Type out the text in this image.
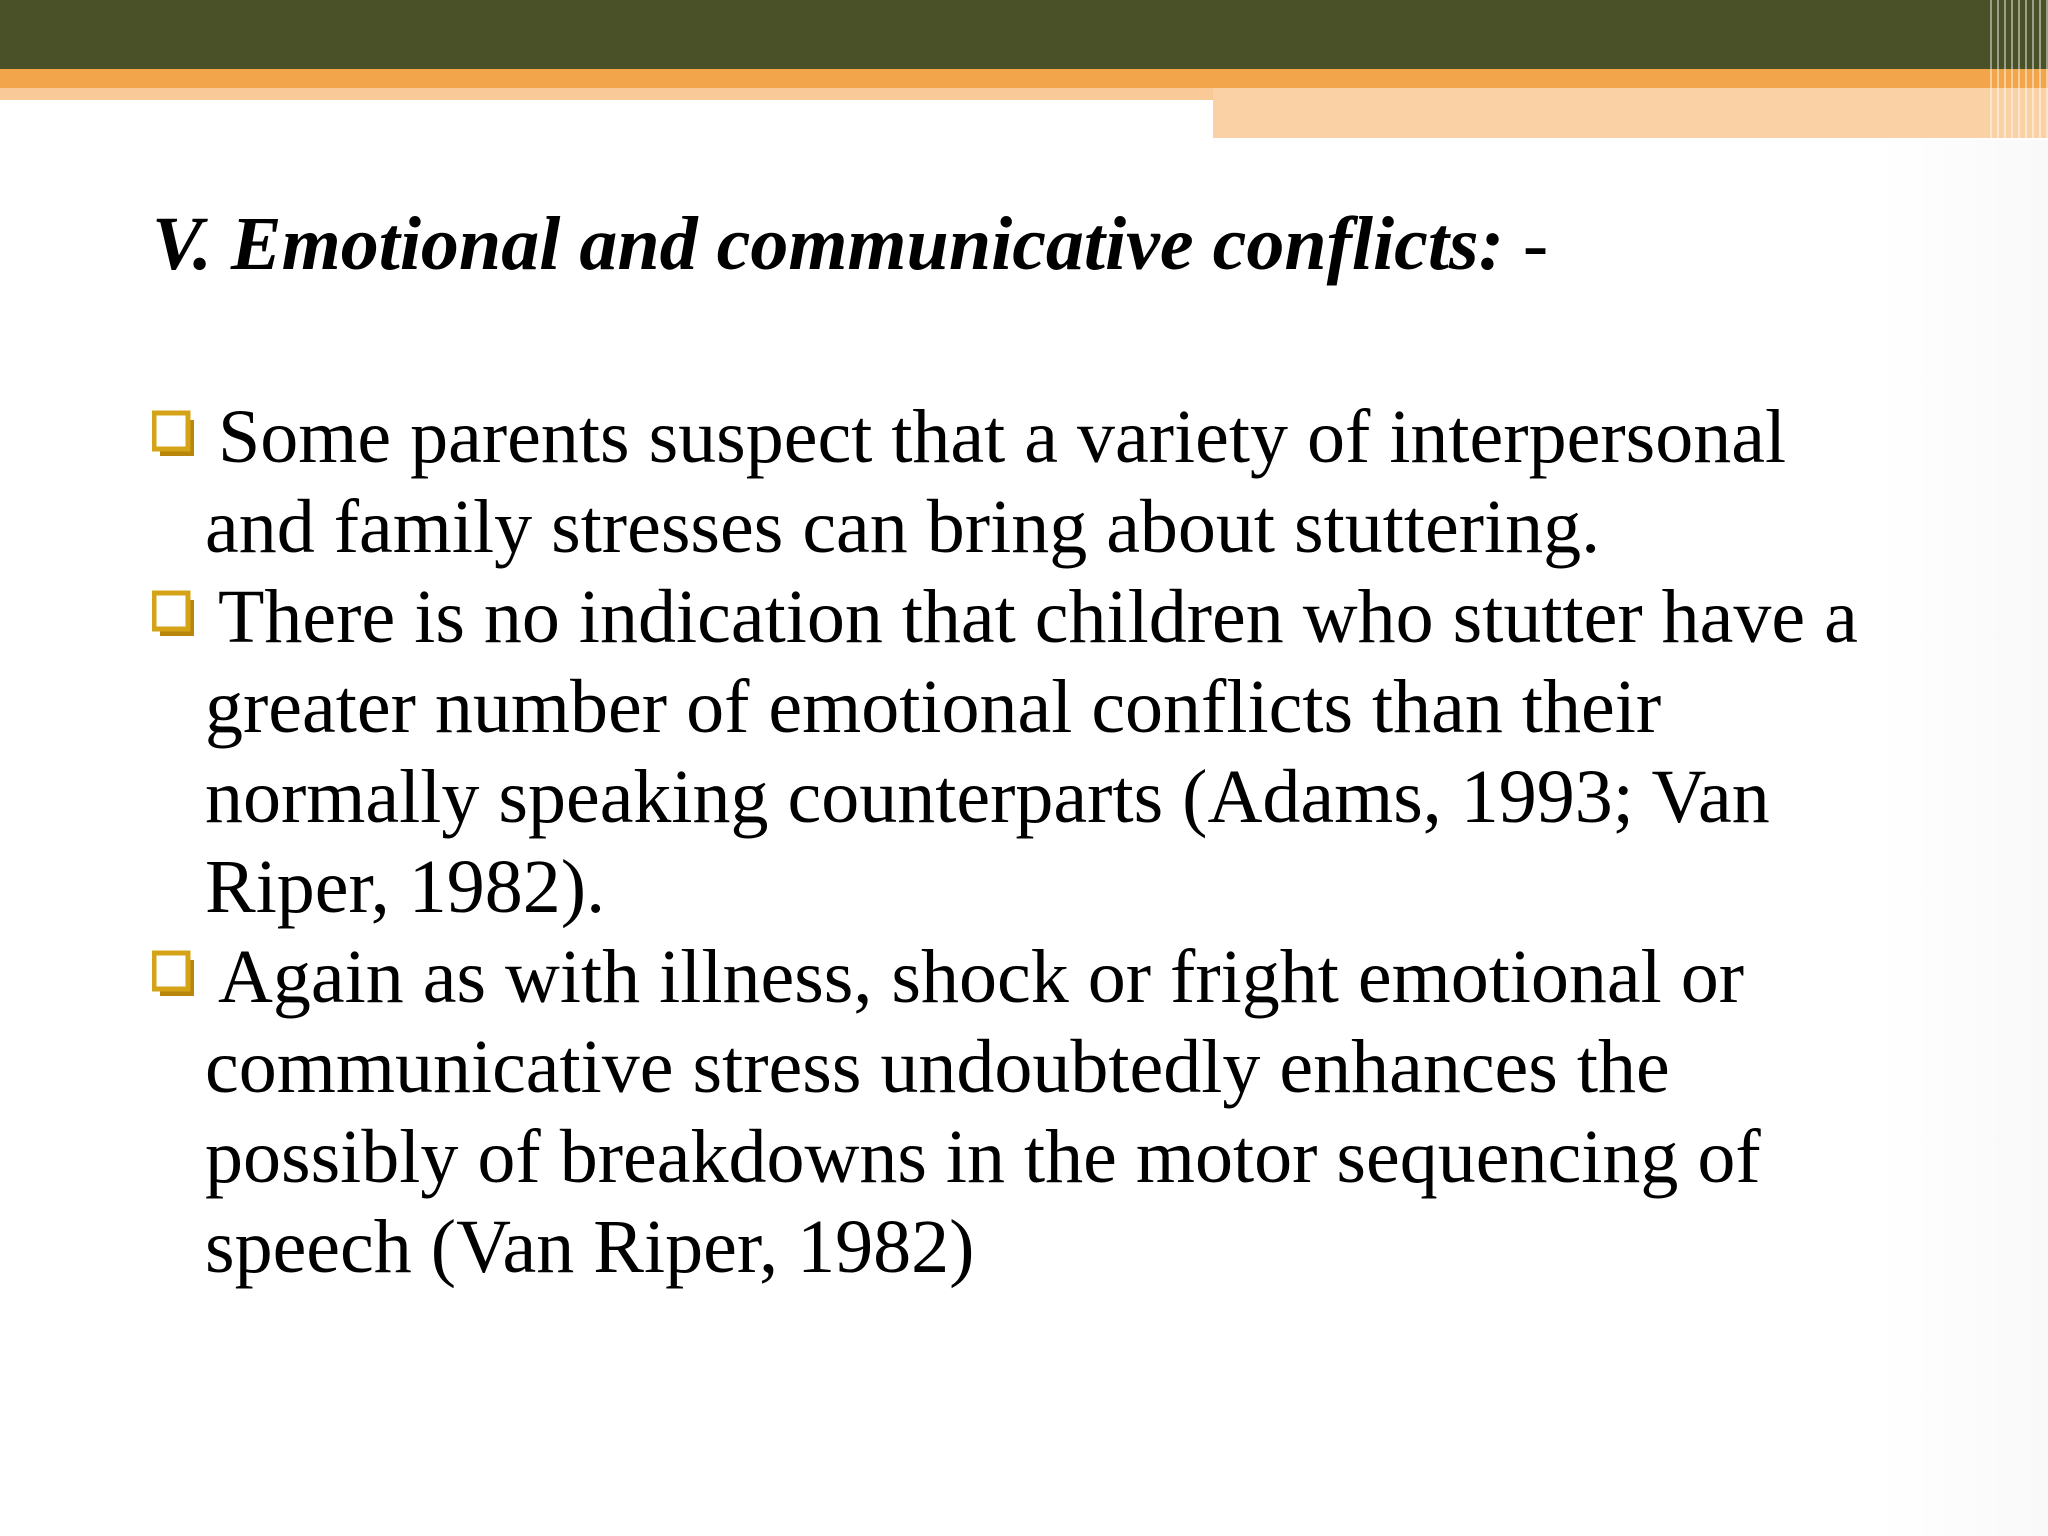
V. Emotional and communicative conflicts: -
Some parents suspect that a variety of interpersonal and family stresses can bring about stuttering.
There is no indication that children who stutter have a greater number of emotional conflicts than their normally speaking counterparts (Adams, 1993; Van Riper, 1982).
Again as with illness, shock or fright emotional or communicative stress undoubtedly enhances the possibly of breakdowns in the motor sequencing of speech (Van Riper, 1982)
